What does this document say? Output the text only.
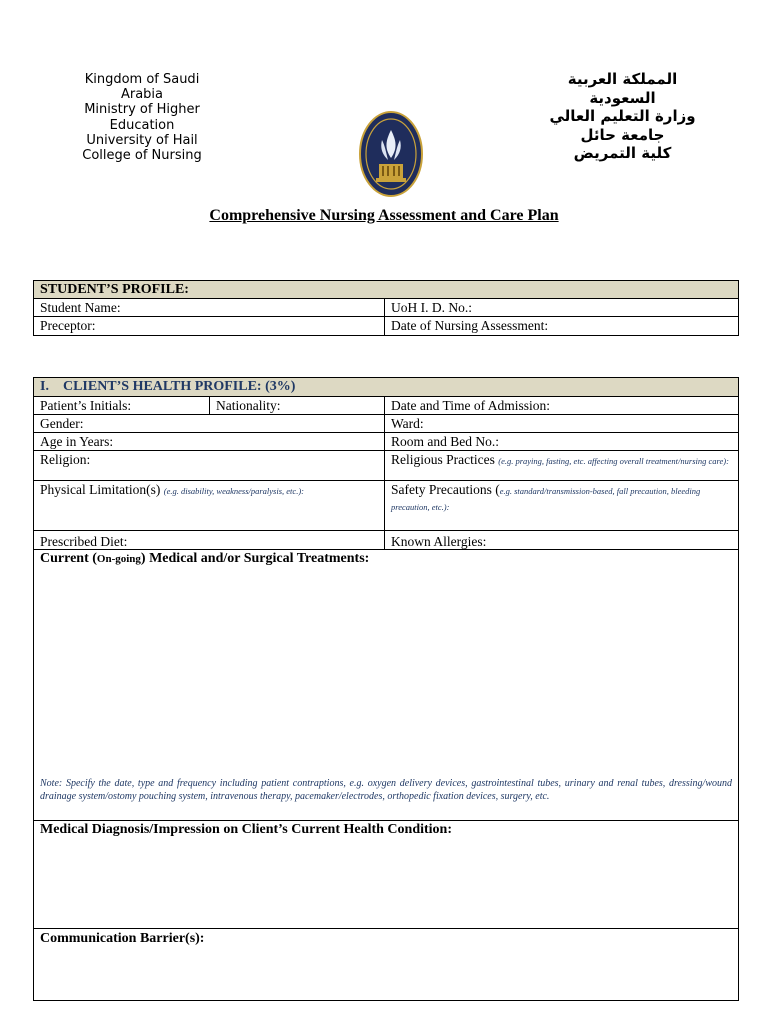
Kingdom of Saudi
Arabia
Ministry of Higher
Education
University of Hail
College of Nursing
المملكة العربية
السعودية
وزارة التعليم العالي
جامعة حائل
كلية التمريض
Comprehensive Nursing Assessment and Care Plan
STUDENT’S PROFILE:
Student Name:	UoH I. D. No.:
Preceptor:	Date of Nursing Assessment:
I. CLIENT’S HEALTH PROFILE: (3%)
Patient’s Initials:	Nationality:	Date and Time of Admission:
Gender:	Ward:
Age in Years:	Room and Bed No.:
Religion:	Religious Practices (e.g. praying, fasting, etc. affecting overall treatment/nursing care):
Physical Limitation(s) (e.g. disability, weakness/paralysis, etc.):	Safety Precautions (e.g. standard/transmission-based, fall precaution, bleeding precaution, etc.):
Prescribed Diet:	Known Allergies:
Current (On-going) Medical and/or Surgical Treatments:
Note: Specify the date, type and frequency including patient contraptions, e.g. oxygen delivery devices, gastrointestinal tubes, urinary and renal tubes, dressing/wound drainage system/ostomy pouching system, intravenous therapy, pacemaker/electrodes, orthopedic fixation devices, surgery, etc.
Medical Diagnosis/Impression on Client’s Current Health Condition:
Communication Barrier(s):
